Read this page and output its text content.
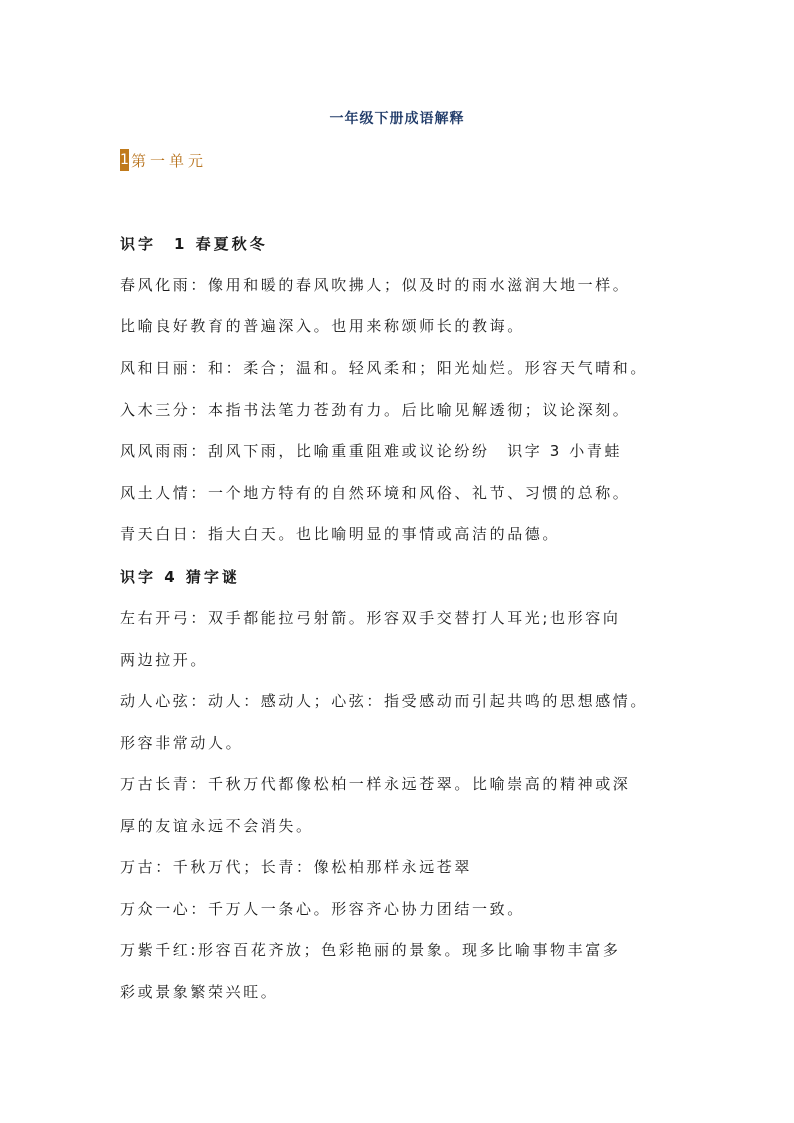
一年级下册成语解释
1 第一单元
识字　1 春夏秋冬
春风化雨：像用和暖的春风吹拂人；似及时的雨水滋润大地一样。
比喻良好教育的普遍深入。也用来称颂师长的教诲。
风和日丽：和：柔合；温和。轻风柔和；阳光灿烂。形容天气晴和。
入木三分：本指书法笔力苍劲有力。后比喻见解透彻；议论深刻。
风风雨雨：刮风下雨，比喻重重阻难或议论纷纷　识字 3 小青蛙
风土人情：一个地方特有的自然环境和风俗、礼节、习惯的总称。
青天白日：指大白天。也比喻明显的事情或高洁的品德。
识字 4 猜字谜
左右开弓：双手都能拉弓射箭。形容双手交替打人耳光;也形容向
两边拉开。
动人心弦：动人：感动人；心弦：指受感动而引起共鸣的思想感情。
形容非常动人。
万古长青：千秋万代都像松柏一样永远苍翠。比喻崇高的精神或深
厚的友谊永远不会消失。
万古：千秋万代；长青：像松柏那样永远苍翠
万众一心：千万人一条心。形容齐心协力团结一致。
万紫千红:形容百花齐放；色彩艳丽的景象。现多比喻事物丰富多
彩或景象繁荣兴旺。
